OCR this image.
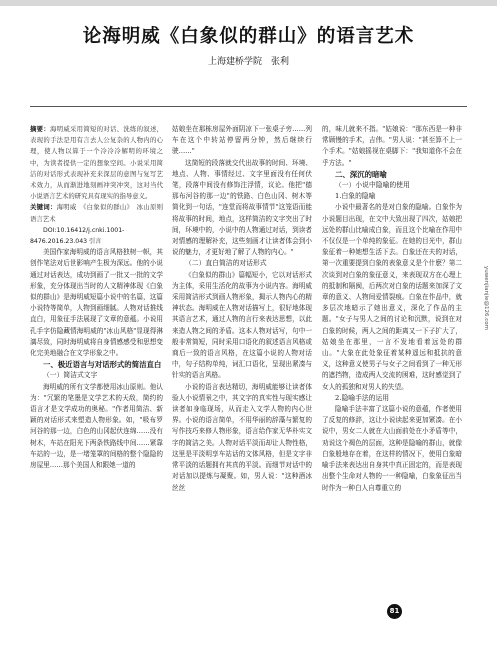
论海明威《白象似的群山》的语言艺术
上海建桥学院　张利

摘要：海明威采用简短的对话、洗练的叙述，表现的手法是用有言去人公复杂的人物内的心理，使人物以算于一个冷冷冷解明的环境之中，为读者提供一定的想象空间。小说采用简洁的对话形式表现补充来深层的意图与复写艺术效力，从而渐进地刻画冲突冲突，这对当代小说语言艺术的研究具有现实的指导意义。

关键词：海明威　《白象似的群山》　冰山原则　语言艺术

DOI:10.16412/j.cnki.1001-8476.2016.23.043 引言

美国作家海明威的语言风格独树一帜，其创作笔法对后世影响产生极为深远。他的小说通过对话表达，成功到画了一批又一批的文学形象，充分体现出当时的人文精神体现《白象似的群山》是海明威短篇小说中的名篇，这篇小说特等简单，人物到画细腻。人物对话推线直白，用象征手法展现了文章的意蕴。小说用孔手字仿隐藏情海明威的"冰山风格"显现得淋漓尽致，同时海明威将自身情感感受和思想变化完美地融合在文学形象之中。

一、极近语言与对话形式的简洁直白

（一）简洁式文字

海明威的所有文学都使用冰山原则。他认为："冗繁的笔墨是文学艺术的天敌，简约的语言才是文学成功的奥秘。"作者用简洁、新颖的对话形式来塑造人物形象。如，"吸布罗河谷的那一边，白色的山冈起伏连绵……没有树木，车站在阳光下两条铁路线中间……紧靠车站的一边，是一堵笼罩的间格的整个隐隐的房屋里……那个美国人和跟她一道的

姑娘坐在那栋房屋外面阴凉下一张桌子旁……列车在这个中转站停留两分钟，然后继续行驶……"

这简短的段落就交代出故事的时间、环境、地点、人物、事情经过、文字里面没有任何伏笔，段落中间没有修饰注浮情，议论。他把"德那布河谷的那一边"的铁路、白色山冈、树木等简化到一句话，"连堂而将故事情节"这笼语而能将故事的时间，地点，这样简洁的文字突出了时间，环境中的，小说中的人物通过对话，到读者对情感的理解补充，这些刻画才让读者体会到小说的魅力，才更好地了解了人物的内心。"

（二）直白简洁的对话形式

《白象似的群山》篇幅短小，它以对话形式为主体，采用生活化的故事为小说内容。海明威采用简洁形式到画人物形象，揭示人物内心的精神状态。海明威在人物对话描写上，很好地体现其语言艺术，通过人物的言行来表达思想，以此来造人物之间的矛盾。这本人物对话写，句中一般非常简短，同时采用口语化的叙述语言风格或商后一致的语言风格，在这篇小说的人物对话中，句子结构单纯，词汇口语化，呈现出紧凑与针实的语言风格。

小说的语言表达精切，海明威能够让读者体验人小说情景之中，其文字的真实性与现实感让读者如身临现场，从而走入文学人物的内心世界。小说的语言简单，不用华丽的辞藻与繁复的写作技巧来修人物形象，语言给作家无华朴实文字的简洁之美。人物对话平淡而却让人物性格，这里是平淡明享车站话的文体风格，但是文字非常平淡的话题拥有其真的平淡。而细节对话中的对话加以提炼与凝聚。如，男人说："这种酒冰丝丝

的，味儿就来不指。"姑娘说："那东西是一种非常顾慢的手术，吉伟。"男人说："甚至算不上一个手术。"姑娘摇视在桌脚下："我知道你不会在乎方法。"

二、深沉的暗喻

（一）小说中隐喻的使用

1.白象的隐喻

小说中最著名的是对白象的隐喻。白象作为小说题目出现，在文中大致出现了四次，姑娘把远处的群山比喻成白象，而且这个比喻在作用中不仅仅是一个单纯的象征。在她的目光中，群山象征着一种她想生活下去。白象还在夫的对话，第一次重要提到白象的表象意义是个什麽？第二次谈到对白象的象征意义，来表现双方在心理上的抵制和隔阂，后两次对白象的话题来加深了文章的意义、人物间爱情裂痕。白象在作品中，就多层次地暗示了她出意义，深化了作品的主题。"女子与男人之间的讨论和沉默，说到在对白象的时候，两人之间的距离又一下子扩大了，姑娘坐在那里，一言不发地看着远处的群山。"大象在此处象征着某种遥远和抵抗的意义，这种意义使男子与女子之间看到了一种无形的遮挡物，造成两人交流的困难，这时感觉到了女人的孤独和对男人的失望。

2.隐喻手法的运用

隐喻手法丰富了这篇小说的意蕴，作者使用了反复的修辞，这让小说读起来更加紧凑。在小说中，男女二人就在大山面前处在小矛盾等中，劝说这个褐色的层面，这种是隐喻的群山，就像白象般地存在着，在这样的情况下，使用白象暗喻手法来表达出自身其中真正固定的，而是表现出整个生命对人物的一一种隐喻，白象象征出当时作为一种白人自尊重立的

yuwenjianjie@126.com
81
